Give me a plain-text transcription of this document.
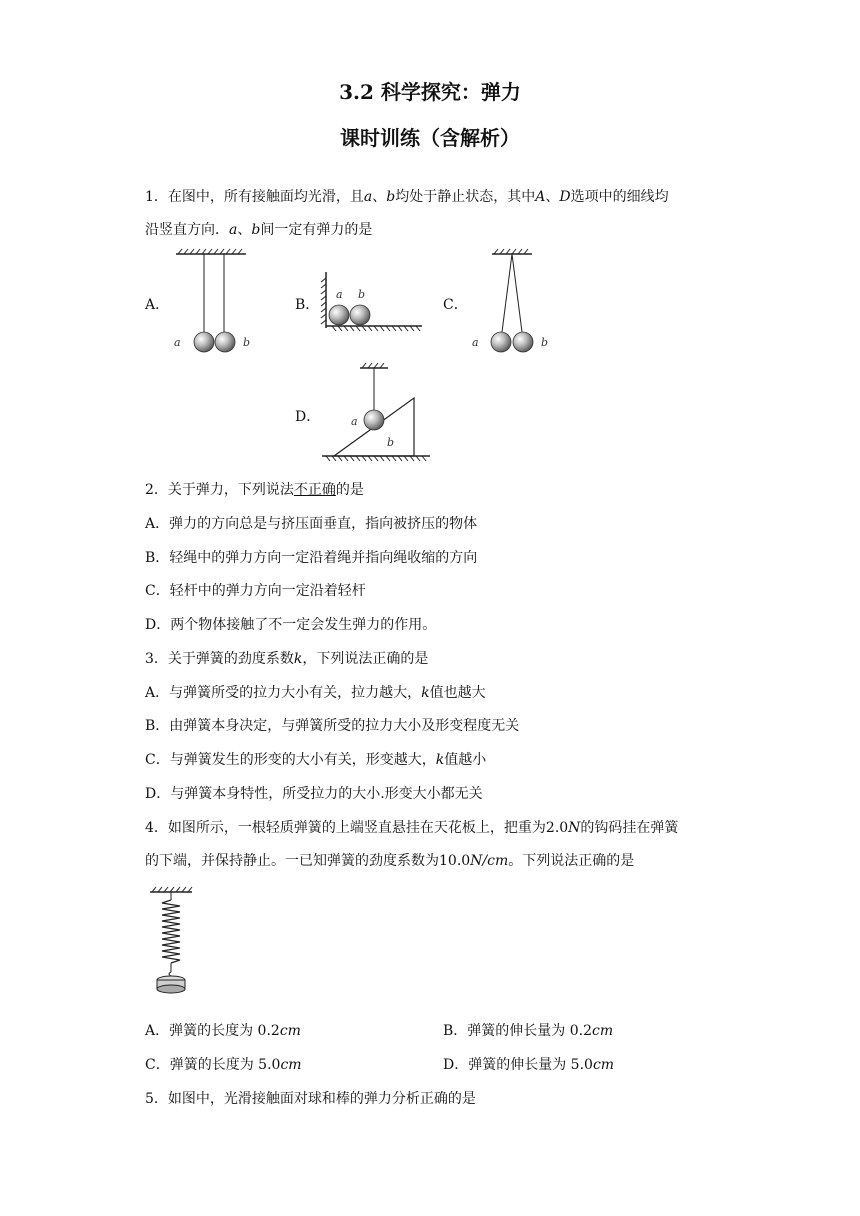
3.2 科学探究：弹力
课时训练（含解析）
1．在图中，所有接触面均光滑，且a、b均处于静止状态，其中A、D选项中的细线均
沿竖直方向．a、b间一定有弹力的是
A．	B．	C．
D．
a	b
a b
a	b
a
b
2．关于弹力，下列说法不正确的是
A．弹力的方向总是与挤压面垂直，指向被挤压的物体
B．轻绳中的弹力方向一定沿着绳并指向绳收缩的方向
C．轻杆中的弹力方向一定沿着轻杆
D．两个物体接触了不一定会发生弹力的作用。
3．关于弹簧的劲度系数k，下列说法正确的是
A．与弹簧所受的拉力大小有关，拉力越大，k值也越大
B．由弹簧本身决定，与弹簧所受的拉力大小及形变程度无关
C．与弹簧发生的形变的大小有关，形变越大，k值越小
D．与弹簧本身特性，所受拉力的大小.形变大小都无关
4．如图所示，一根轻质弹簧的上端竖直悬挂在天花板上，把重为2.0N的钩码挂在弹簧
的下端，并保持静止。一已知弹簧的劲度系数为10.0N/cm。下列说法正确的是
A．弹簧的长度为 0.2cm	B．弹簧的伸长量为 0.2cm
C．弹簧的长度为 5.0cm	D．弹簧的伸长量为 5.0cm
5．如图中，光滑接触面对球和棒的弹力分析正确的是
